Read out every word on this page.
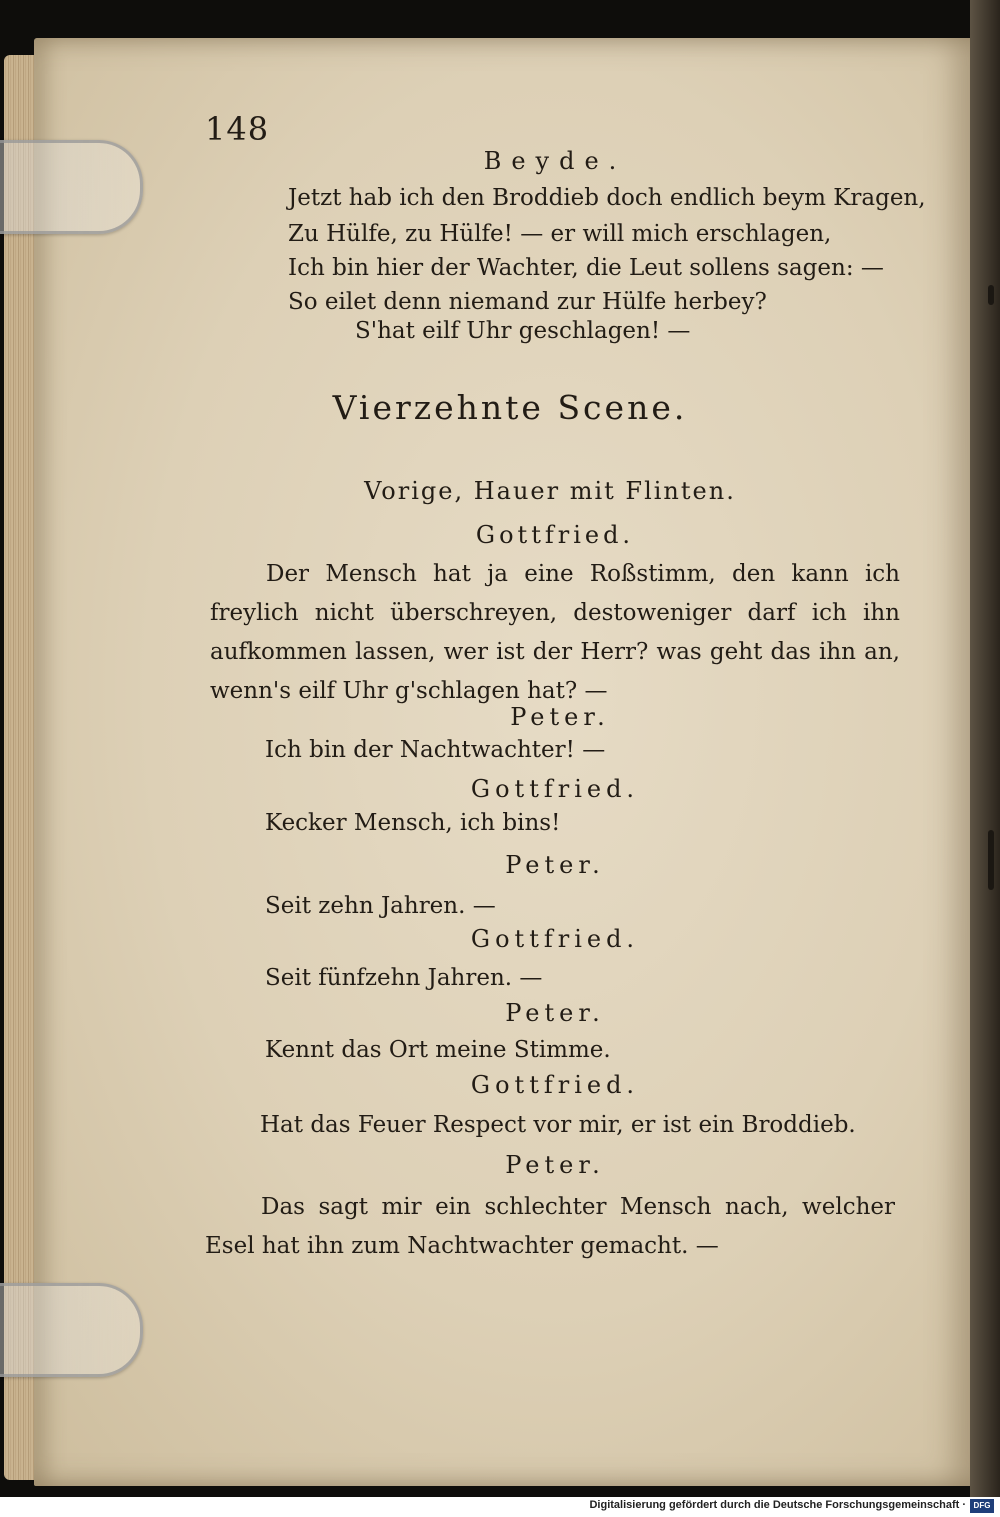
148
Beyde.
Jetzt hab ich den Broddieb doch endlich beym Kragen,
Zu Hülfe, zu Hülfe! — er will mich erschlagen,
Ich bin hier der Wachter, die Leut sollens sagen: —
So eilet denn niemand zur Hülfe herbey?
S'hat eilf Uhr geschlagen! —
Vierzehnte Scene.
Vorige, Hauer mit Flinten.
Gottfried.
Der Mensch hat ja eine Roßstimm, den kann ich freylich nicht überschreyen, destoweniger darf ich ihn aufkommen lassen, wer ist der Herr? was geht das ihn an, wenn's eilf Uhr g'schlagen hat? —
Peter.
Ich bin der Nachtwachter! —
Gottfried.
Kecker Mensch, ich bins!
Peter.
Seit zehn Jahren. —
Gottfried.
Seit fünfzehn Jahren. —
Peter.
Kennt das Ort meine Stimme.
Gottfried.
Hat das Feuer Respect vor mir, er ist ein Broddieb.
Peter.
Das sagt mir ein schlechter Mensch nach, welcher Esel hat ihn zum Nachtwachter gemacht. —
Digitalisierung gefördert durch die Deutsche Forschungsgemeinschaft · DFG
